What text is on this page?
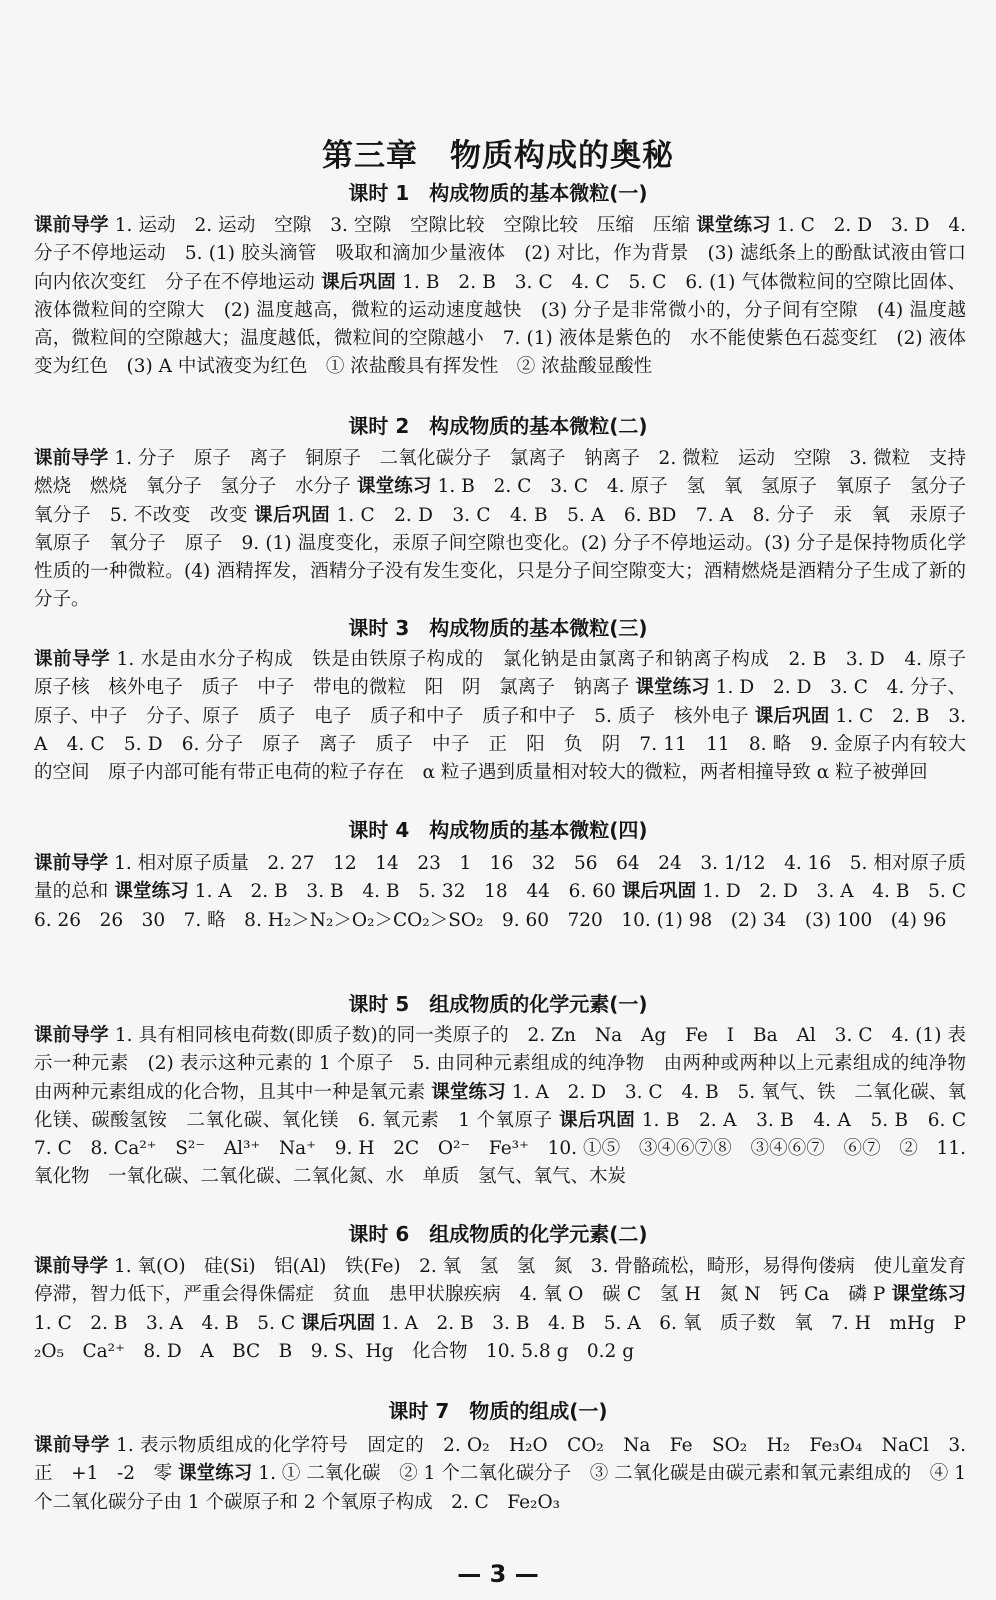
第三章　物质构成的奥秘
课时 1　构成物质的基本微粒(一)
课前导学 1. 运动　2. 运动　空隙　3. 空隙　空隙比较　空隙比较　压缩　压缩 课堂练习 1. C　2. D　3. D　4. 分子不停地运动　5. (1) 胶头滴管　吸取和滴加少量液体　(2) 对比，作为背景　(3) 滤纸条上的酚酞试液由管口向内依次变红　分子在不停地运动 课后巩固 1. B　2. B　3. C　4. C　5. C　6. (1) 气体微粒间的空隙比固体、液体微粒间的空隙大　(2) 温度越高，微粒的运动速度越快　(3) 分子是非常微小的，分子间有空隙　(4) 温度越高，微粒间的空隙越大；温度越低，微粒间的空隙越小　7. (1) 液体是紫色的　水不能使紫色石蕊变红　(2) 液体变为红色　(3) A 中试液变为红色　① 浓盐酸具有挥发性　② 浓盐酸显酸性
课时 2　构成物质的基本微粒(二)
课前导学 1. 分子　原子　离子　铜原子　二氧化碳分子　氯离子　钠离子　2. 微粒　运动　空隙　3. 微粒　支持燃烧　燃烧　氧分子　氢分子　水分子 课堂练习 1. B　2. C　3. C　4. 原子　氢　氧　氢原子　氧原子　氢分子　氧分子　5. 不改变　改变 课后巩固 1. C　2. D　3. C　4. B　5. A　6. BD　7. A　8. 分子　汞　氧　汞原子　氧原子　氧分子　原子　9. (1) 温度变化，汞原子间空隙也变化。(2) 分子不停地运动。(3) 分子是保持物质化学性质的一种微粒。(4) 酒精挥发，酒精分子没有发生变化，只是分子间空隙变大；酒精燃烧是酒精分子生成了新的分子。
课时 3　构成物质的基本微粒(三)
课前导学 1. 水是由水分子构成　铁是由铁原子构成的　氯化钠是由氯离子和钠离子构成　2. B　3. D　4. 原子　原子核　核外电子　质子　中子　带电的微粒　阳　阴　氯离子　钠离子 课堂练习 1. D　2. D　3. C　4. 分子、原子、中子　分子、原子　质子　电子　质子和中子　质子和中子　5. 质子　核外电子 课后巩固 1. C　2. B　3. A　4. C　5. D　6. 分子　原子　离子　质子　中子　正　阳　负　阴　7. 11　11　8. 略　9. 金原子内有较大的空间　原子内部可能有带正电荷的粒子存在　α 粒子遇到质量相对较大的微粒，两者相撞导致 α 粒子被弹回
课时 4　构成物质的基本微粒(四)
课前导学 1. 相对原子质量　2. 27　12　14　23　1　16　32　56　64　24　3. 1/12　4. 16　5. 相对原子质量的总和 课堂练习 1. A　2. B　3. B　4. B　5. 32　18　44　6. 60 课后巩固 1. D　2. D　3. A　4. B　5. C　6. 26　26　30　7. 略　8. H₂＞N₂＞O₂＞CO₂＞SO₂　9. 60　720　10. (1) 98　(2) 34　(3) 100　(4) 96
课时 5　组成物质的化学元素(一)
课前导学 1. 具有相同核电荷数(即质子数)的同一类原子的　2. Zn　Na　Ag　Fe　I　Ba　Al　3. C　4. (1) 表示一种元素　(2) 表示这种元素的 1 个原子　5. 由同种元素组成的纯净物　由两种或两种以上元素组成的纯净物　由两种元素组成的化合物，且其中一种是氧元素 课堂练习 1. A　2. D　3. C　4. B　5. 氧气、铁　二氧化碳、氧化镁、碳酸氢铵　二氧化碳、氧化镁　6. 氧元素　1 个氧原子 课后巩固 1. B　2. A　3. B　4. A　5. B　6. C　7. C　8. Ca²⁺　S²⁻　Al³⁺　Na⁺　9. H　2C　O²⁻　Fe³⁺　10. ①⑤　③④⑥⑦⑧　③④⑥⑦　⑥⑦　②　11. 氧化物　一氧化碳、二氧化碳、二氧化氮、水　单质　氢气、氧气、木炭
课时 6　组成物质的化学元素(二)
课前导学 1. 氧(O)　硅(Si)　铝(Al)　铁(Fe)　2. 氧　氢　氢　氮　3. 骨骼疏松，畸形，易得佝偻病　使儿童发育停滞，智力低下，严重会得侏儒症　贫血　患甲状腺疾病　4. 氧 O　碳 C　氢 H　氮 N　钙 Ca　磷 P 课堂练习 1. C　2. B　3. A　4. B　5. C 课后巩固 1. A　2. B　3. B　4. B　5. A　6. 氧　质子数　氧　7. H　mHg　P₂O₅　Ca²⁺　8. D　A　BC　B　9. S、Hg　化合物　10. 5.8 g　0.2 g
课时 7　物质的组成(一)
课前导学 1. 表示物质组成的化学符号　固定的　2. O₂　H₂O　CO₂　Na　Fe　SO₂　H₂　Fe₃O₄　NaCl　3. 正　+1　-2　零 课堂练习 1. ① 二氧化碳　② 1 个二氧化碳分子　③ 二氧化碳是由碳元素和氧元素组成的　④ 1 个二氧化碳分子由 1 个碳原子和 2 个氧原子构成　2. C　Fe₂O₃
— 3 —
